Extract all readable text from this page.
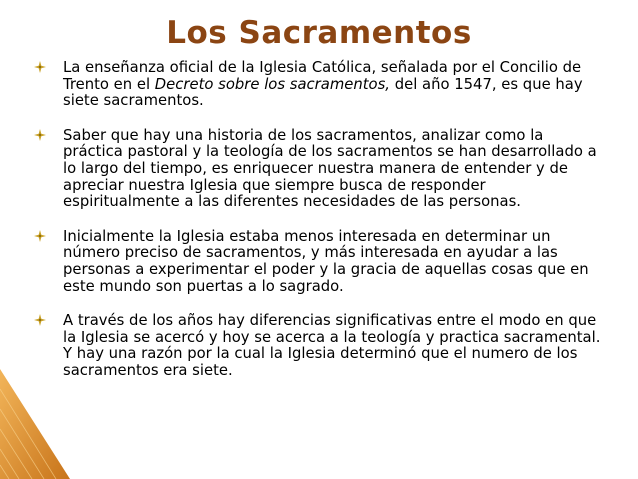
Los Sacramentos
La enseñanza oficial de la Iglesia Católica, señalada por el Concilio de Trento en el Decreto sobre los sacramentos, del año 1547, es que hay siete sacramentos.
Saber que hay una historia de los sacramentos, analizar como la práctica pastoral y la teología de los sacramentos se han desarrollado a lo largo del tiempo, es enriquecer nuestra manera de entender y de apreciar nuestra Iglesia que siempre busca de responder espiritualmente a las diferentes necesidades de las personas.
Inicialmente la Iglesia estaba menos interesada en determinar un número preciso de sacramentos, y más interesada en ayudar a las personas a experimentar el poder y la gracia de aquellas cosas que en este mundo son puertas a lo sagrado.
A través de los años hay diferencias significativas entre el modo en que la Iglesia se acercó y hoy se acerca a la teología y practica sacramental. Y hay una razón por la cual la Iglesia determinó que el numero de los sacramentos era siete.
